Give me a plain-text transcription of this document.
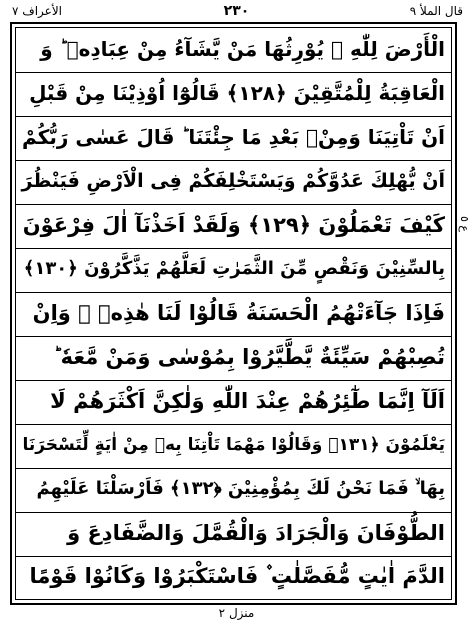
الأعراف ٧	٢٣٠	قال الملأ ٩
الْأَرْضَ لِلّٰهِ ۙ يُوْرِثُهَا مَنْ يَّشَآءُ مِنْ عِبَادِهٖ ؕ وَ
الْعَاقِبَةُ لِلْمُتَّقِيْنَ ﴿١٢٨﴾ قَالُوْٓا اُوْذِيْنَا مِنْ قَبْلِ
اَنْ تَاْتِيَنَا وَمِنْۢ بَعْدِ مَا جِئْتَنَا ؕ قَالَ عَسٰى رَبُّكُمْ
اَنْ يُّهْلِكَ عَدُوَّكُمْ وَيَسْتَخْلِفَكُمْ فِى الْاَرْضِ فَيَنْظُرَ
كَيْفَ تَعْمَلُوْنَ ﴿١٢٩﴾ وَلَقَدْ اَخَذْنَآ اٰلَ فِرْعَوْنَ
بِالسِّنِيْنَ وَنَقْصٍ مِّنَ الثَّمَرٰتِ لَعَلَّهُمْ يَذَّكَّرُوْنَ ﴿١٣٠﴾
فَاِذَا جَآءَتْهُمُ الْحَسَنَةُ قَالُوْا لَنَا هٰذِهٖ ۚ وَاِنْ
تُصِبْهُمْ سَيِّئَةٌ يَّطَّيَّرُوْا بِمُوْسٰى وَمَنْ مَّعَهٗ ؕ
اَلَآ اِنَّمَا طٰٓئِرُهُمْ عِنْدَ اللّٰهِ وَلٰكِنَّ اَكْثَرَهُمْ لَا
يَعْلَمُوْنَ ﴿١٣١﴾ وَقَالُوْا مَهْمَا تَاْتِنَا بِهٖ مِنْ اٰيَةٍ لِّتَسْحَرَنَا
بِهَا ۙ فَمَا نَحْنُ لَكَ بِمُؤْمِنِيْنَ ﴿١٣٢﴾ فَاَرْسَلْنَا عَلَيْهِمُ
الطُّوْفَانَ وَالْجَرَادَ وَالْقُمَّلَ وَالضَّفَادِعَ وَ
الدَّمَ اٰيٰتٍ مُّفَصَّلٰتٍ ۫ فَاسْتَكْبَرُوْا وَكَانُوْا قَوْمًا
ع ٥
منزل ٢
